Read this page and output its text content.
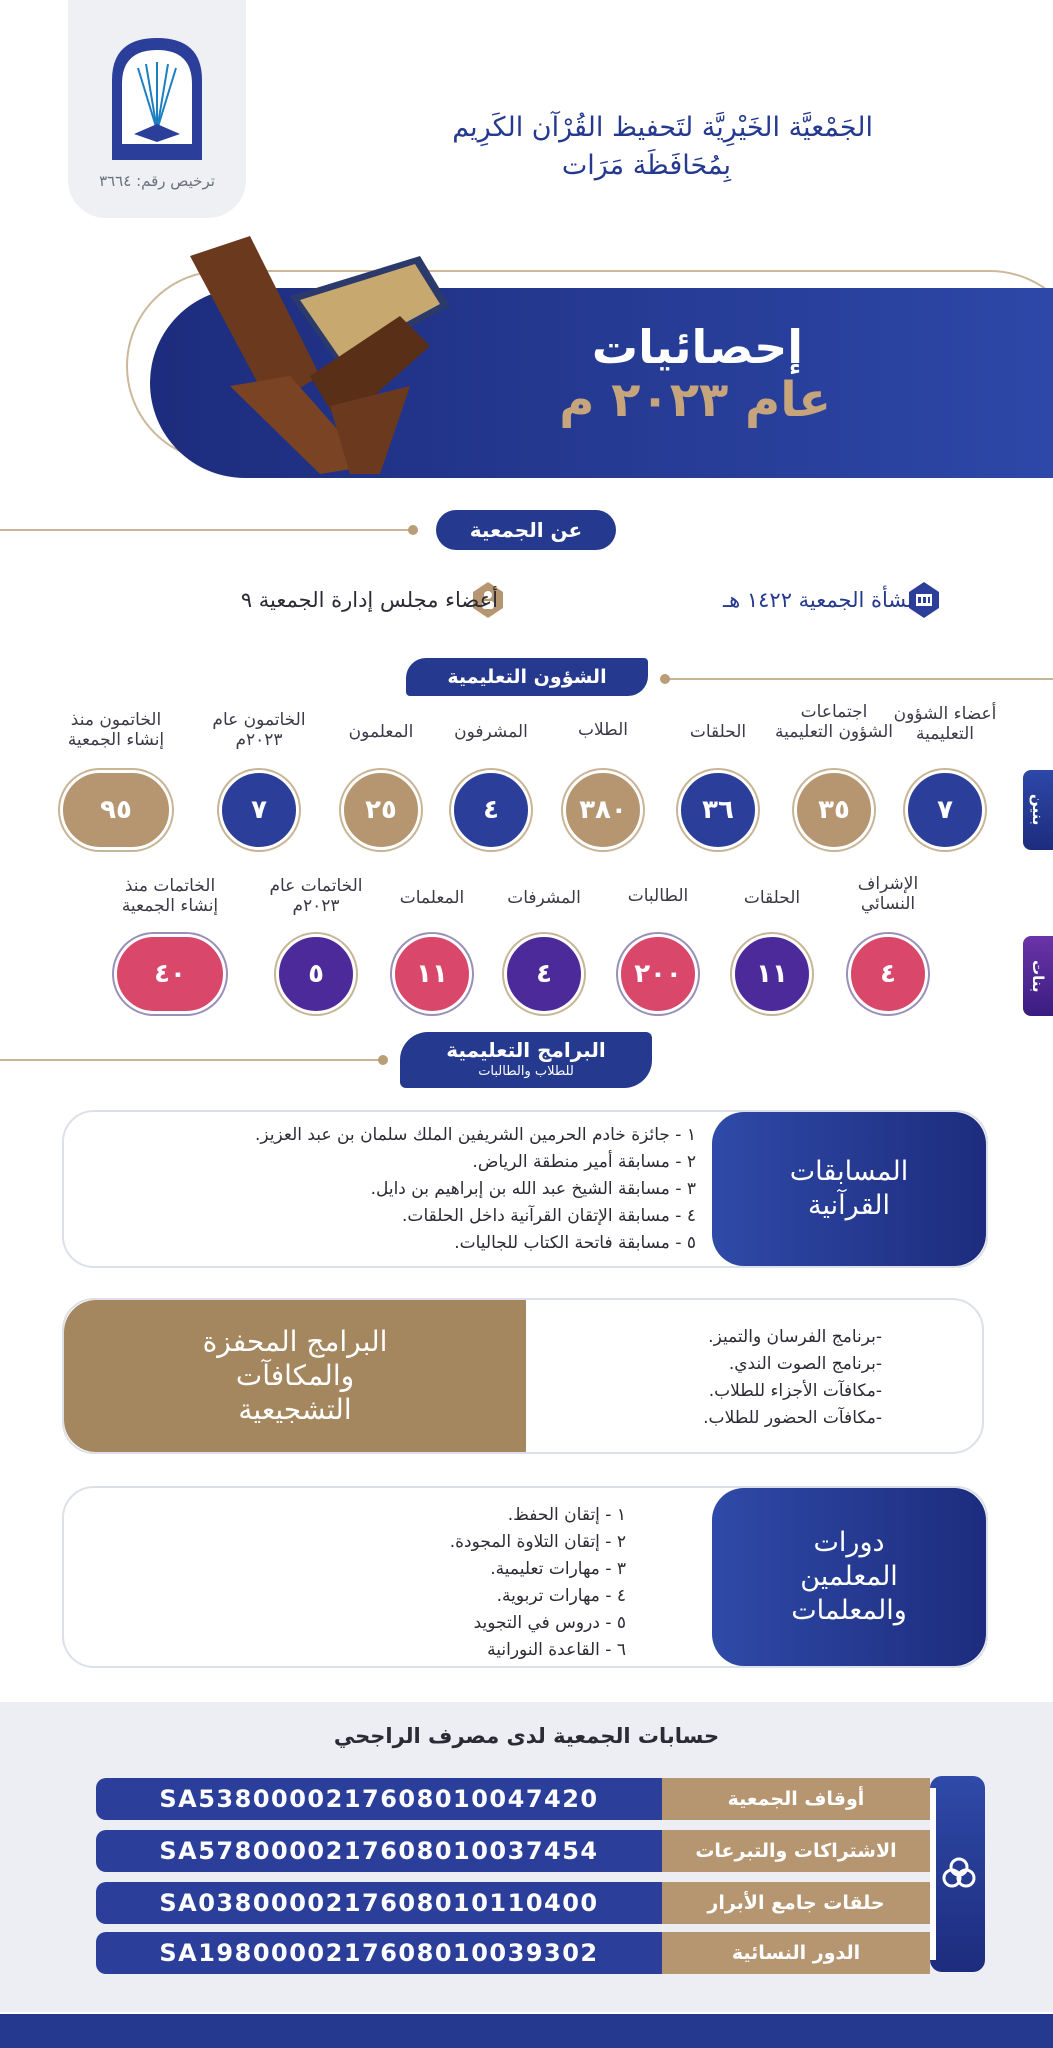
ترخيص رقم: ٣٦٦٤
الجَمْعيَّة الخَيْرِيَّة لتَحفيظ القُرْآن الكَرِيم
بِمُحَافَظَة مَرَات
إحصائيات
عام ٢٠٢٣ م
عن الجمعية
نشأة الجمعية ١٤٢٢ هـ
أعضاء مجلس إدارة الجمعية ٩
الشؤون التعليمية
بنين
بنات
أعضاء الشؤون التعليمية
٧
اجتماعات الشؤون التعليمية
٣٥
الحلقات
٣٦
الطلاب
٣٨٠
المشرفون
٤
المعلمون
٢٥
الخاتمون عام ٢٠٢٣م
٧
الخاتمون منذ إنشاء الجمعية
٩٥
الإشراف النسائي
٤
الحلقات
١١
الطالبات
٢٠٠
المشرفات
٤
المعلمات
١١
الخاتمات عام ٢٠٢٣م
٥
الخاتمات منذ إنشاء الجمعية
٤٠
البرامج التعليمية
للطلاب والطالبات
المسابقات القرآنية
١ - جائزة خادم الحرمين الشريفين الملك سلمان بن عبد العزيز.
٢ - مسابقة أمير منطقة الرياض.
٣ - مسابقة الشيخ عبد الله بن إبراهيم بن دايل.
٤ - مسابقة الإتقان القرآنية داخل الحلقات.
٥ - مسابقة فاتحة الكتاب للجاليات.
البرامج المحفزة والمكافآت التشجيعية
-برنامج الفرسان والتميز.
-برنامج الصوت الندي.
-مكافآت الأجزاء للطلاب.
-مكافآت الحضور للطلاب.
دورات المعلمين والمعلمات
١ - إتقان الحفظ.
٢ - إتقان التلاوة المجودة.
٣ - مهارات تعليمية.
٤ - مهارات تربوية.
٥ - دروس في التجويد
٦ - القاعدة النورانية
حسابات الجمعية لدى مصرف الراجحي
SA5380000217608010047420	أوقاف الجمعية
SA5780000217608010037454	الاشتراكات والتبرعات
SA0380000217608010110400	حلقات جامع الأبرار
SA1980000217608010039302	الدور النسائية
